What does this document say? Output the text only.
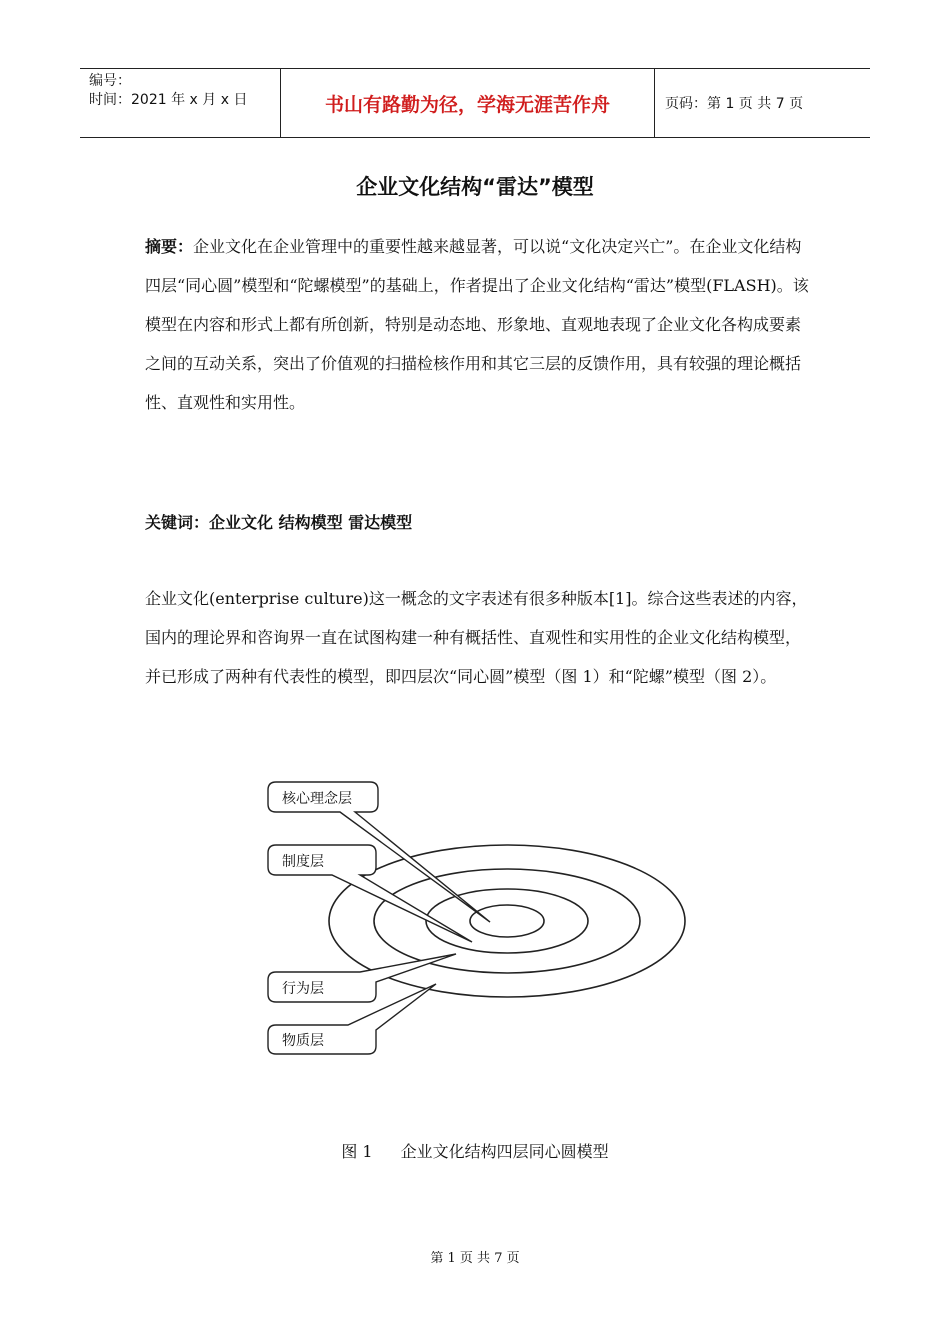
编号：
时间：2021 年 x 月 x 日	书山有路勤为径，学海无涯苦作舟	页码：第 1 页 共 7 页
企业文化结构“雷达”模型

摘要：企业文化在企业管理中的重要性越来越显著，可以说“文化决定兴亡”。在企业文化结构四层“同心圆”模型和“陀螺模型”的基础上，作者提出了企业文化结构“雷达”模型(FLASH)。该模型在内容和形式上都有所创新，特别是动态地、形象地、直观地表现了企业文化各构成要素之间的互动关系，突出了价值观的扫描检核作用和其它三层的反馈作用，具有较强的理论概括性、直观性和实用性。

关键词：企业文化 结构模型 雷达模型

企业文化(enterprise culture)这一概念的文字表述有很多种版本[1]。综合这些表述的内容，国内的理论界和咨询界一直在试图构建一种有概括性、直观性和实用性的企业文化结构模型，并已形成了两种有代表性的模型，即四层次“同心圆”模型（图 1）和“陀螺”模型（图 2）。

核心理念层
制度层
行为层
物质层
图 1 企业文化结构四层同心圆模型
第 1 页 共 7 页
